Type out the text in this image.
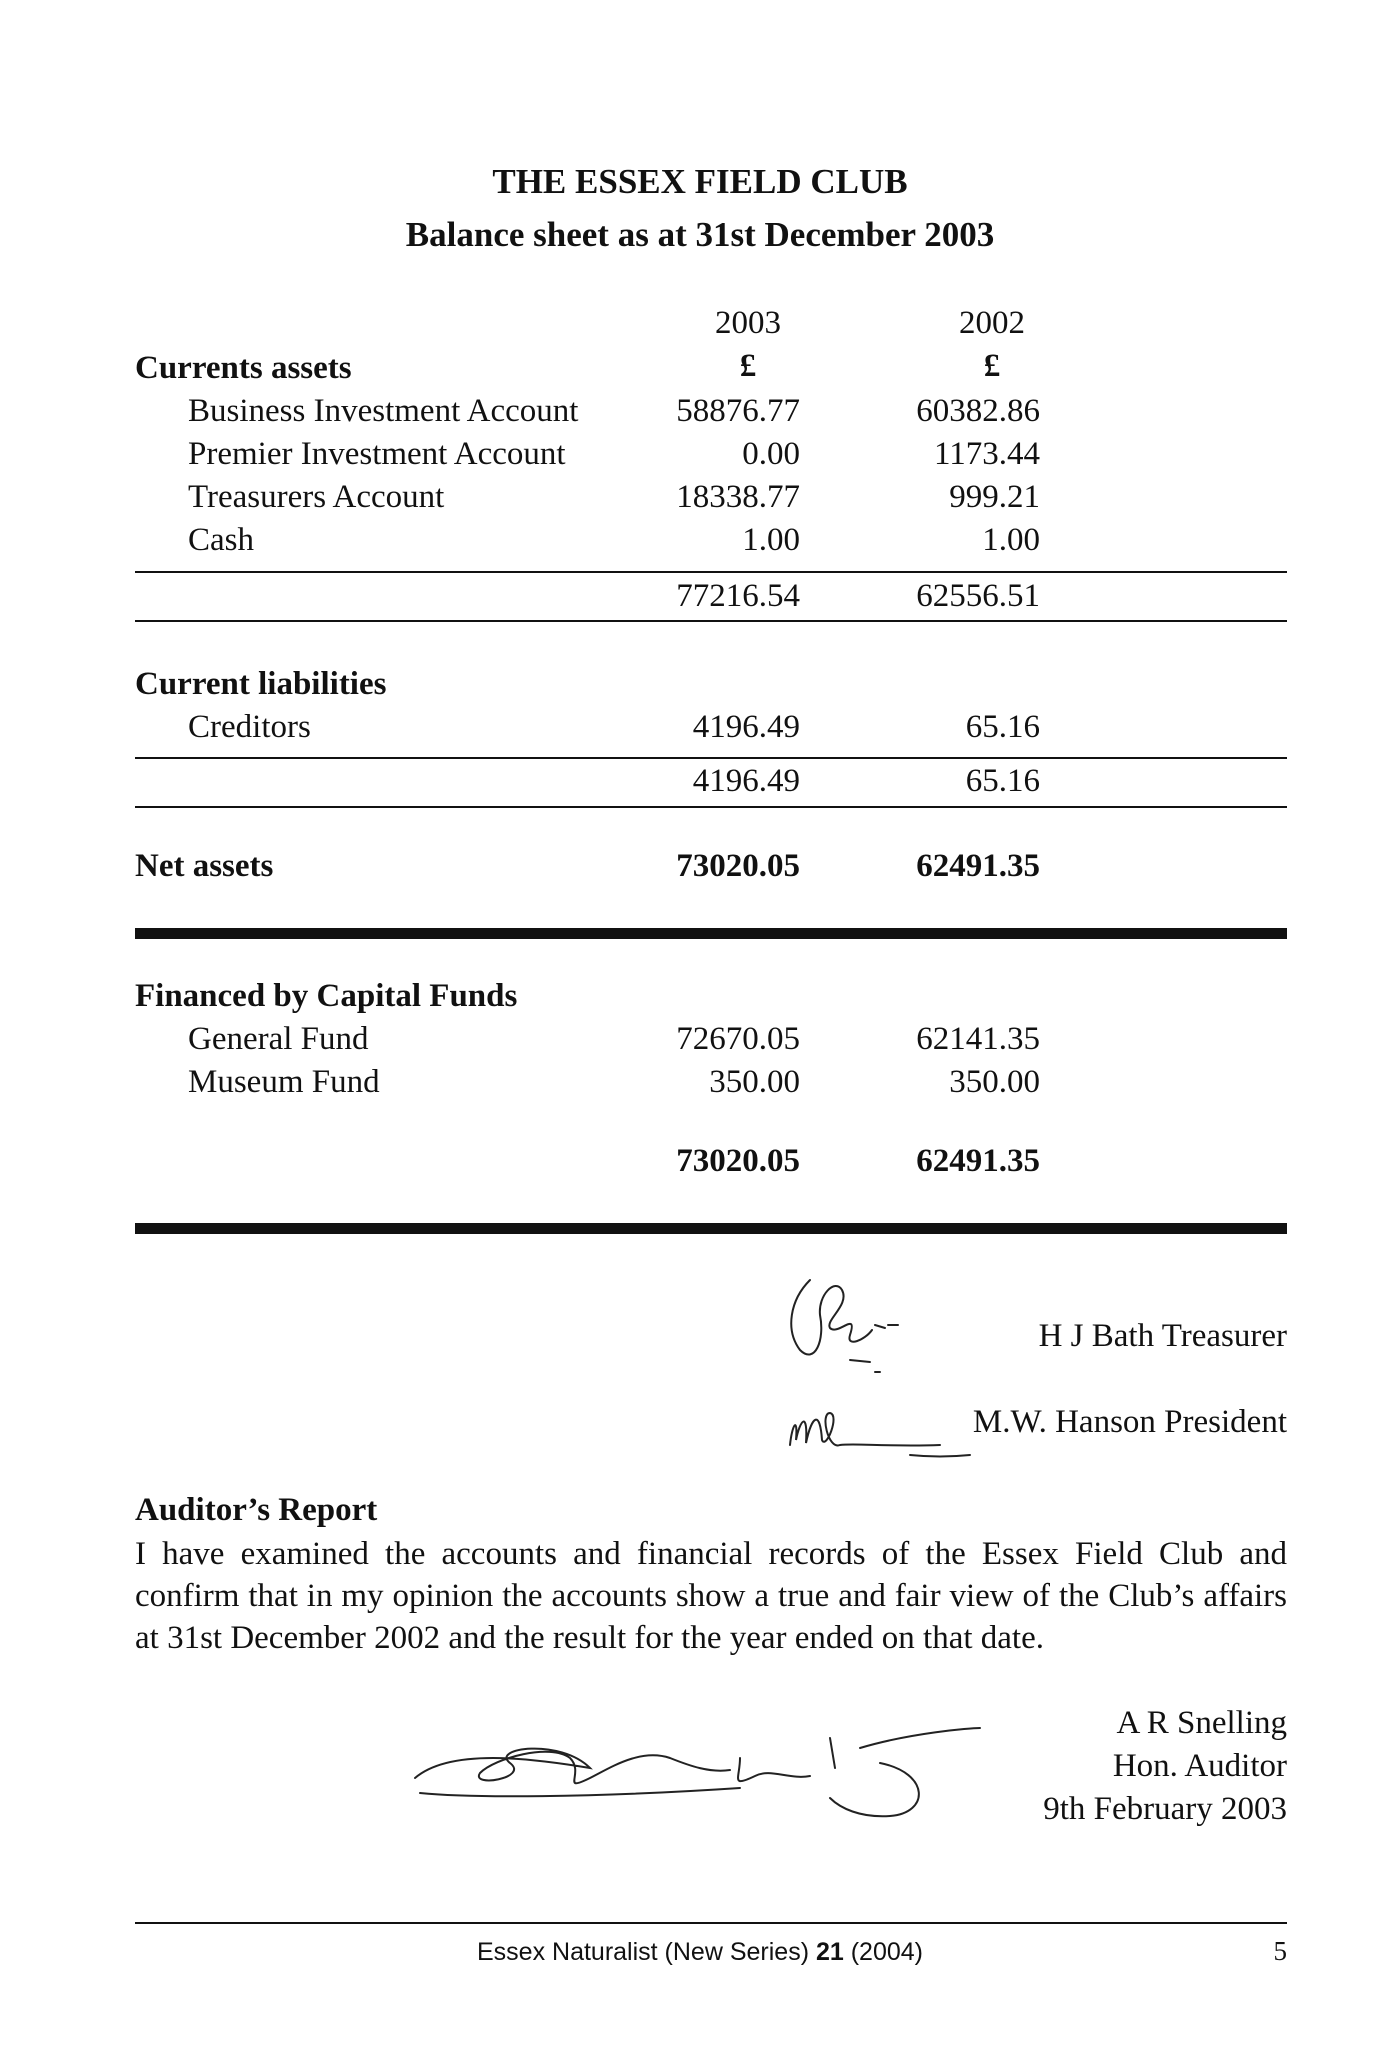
THE ESSEX FIELD CLUB
Balance sheet as at 31st December 2003
2003	2002
£	£
Currents assets
Business Investment Account	58876.77	60382.86
Premier Investment Account	0.00	1173.44
Treasurers Account	18338.77	999.21
Cash	1.00	1.00
77216.54	62556.51
Current liabilities
Creditors	4196.49	65.16
4196.49	65.16
Net assets	73020.05	62491.35
Financed by Capital Funds
General Fund	72670.05	62141.35
Museum Fund	350.00	350.00
73020.05	62491.35
H J Bath Treasurer
M.W. Hanson President
Auditor’s Report
I have examined the accounts and financial records of the Essex Field Club and confirm that in my opinion the accounts show a true and fair view of the Club’s affairs at 31st December 2002 and the result for the year ended on that date.
A R Snelling
Hon. Auditor
9th February 2003
Essex Naturalist (New Series) 21 (2004)	5
